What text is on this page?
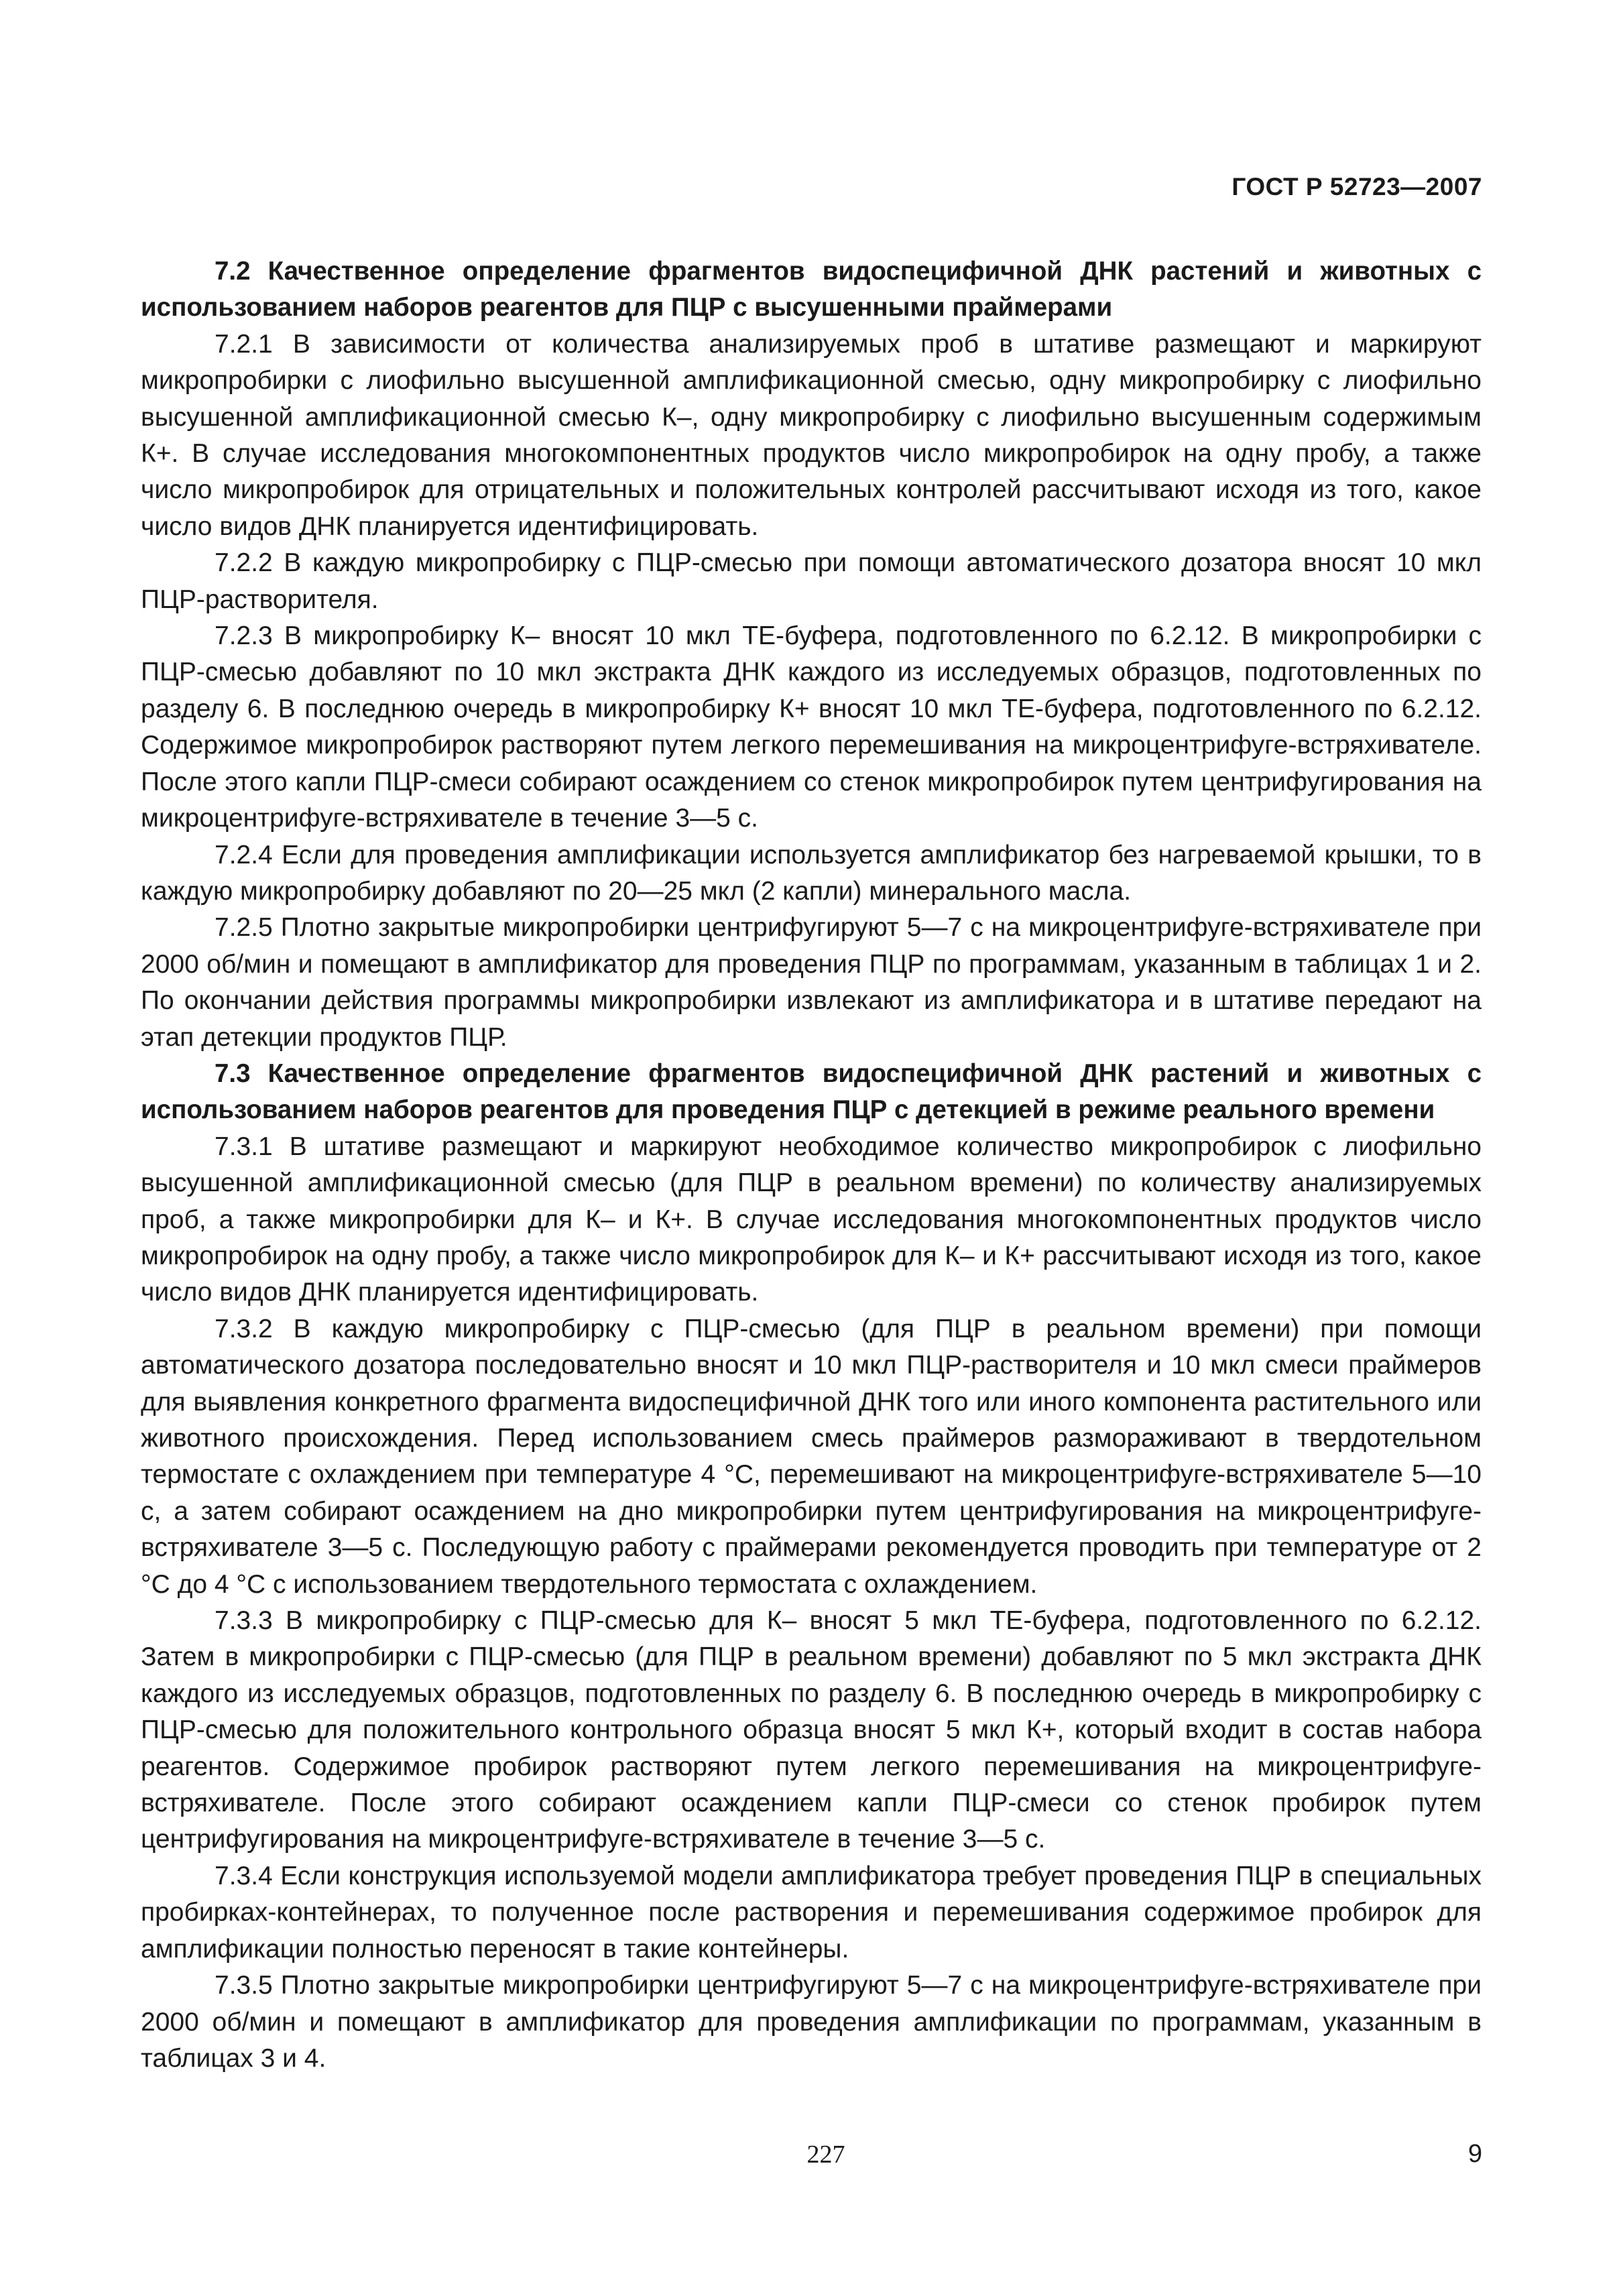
ГОСТ Р 52723—2007

7.2 Качественное определение фрагментов видоспецифичной ДНК растений и животных с использованием наборов реагентов для ПЦР с высушенными праймерами

7.2.1 В зависимости от количества анализируемых проб в штативе размещают и маркируют микропробирки с лиофильно высушенной амплификационной смесью, одну микропробирку с лиофильно высушенной амплификационной смесью К–, одну микропробирку с лиофильно высушенным содержимым К+. В случае исследования многокомпонентных продуктов число микропробирок на одну пробу, а также число микропробирок для отрицательных и положительных контролей рассчитывают исходя из того, какое число видов ДНК планируется идентифицировать.

7.2.2 В каждую микропробирку с ПЦР-смесью при помощи автоматического дозатора вносят 10 мкл ПЦР-растворителя.

7.2.3 В микропробирку К– вносят 10 мкл ТЕ-буфера, подготовленного по 6.2.12. В микропробирки с ПЦР-смесью добавляют по 10 мкл экстракта ДНК каждого из исследуемых образцов, подготовленных по разделу 6. В последнюю очередь в микропробирку К+ вносят 10 мкл ТЕ-буфера, подготовленного по 6.2.12. Содержимое микропробирок растворяют путем легкого перемешивания на микроцентрифуге-встряхивателе. После этого капли ПЦР-смеси собирают осаждением со стенок микропробирок путем центрифугирования на микроцентрифуге-встряхивателе в течение 3—5 с.

7.2.4 Если для проведения амплификации используется амплификатор без нагреваемой крышки, то в каждую микропробирку добавляют по 20—25 мкл (2 капли) минерального масла.

7.2.5 Плотно закрытые микропробирки центрифугируют 5—7 с на микроцентрифуге-встряхивателе при 2000 об/мин и помещают в амплификатор для проведения ПЦР по программам, указанным в таблицах 1 и 2. По окончании действия программы микропробирки извлекают из амплификатора и в штативе передают на этап детекции продуктов ПЦР.

7.3 Качественное определение фрагментов видоспецифичной ДНК растений и животных с использованием наборов реагентов для проведения ПЦР с детекцией в режиме реального времени

7.3.1 В штативе размещают и маркируют необходимое количество микропробирок с лиофильно высушенной амплификационной смесью (для ПЦР в реальном времени) по количеству анализируемых проб, а также микропробирки для К– и К+. В случае исследования многокомпонентных продуктов число микропробирок на одну пробу, а также число микропробирок для К– и К+ рассчитывают исходя из того, какое число видов ДНК планируется идентифицировать.

7.3.2 В каждую микропробирку с ПЦР-смесью (для ПЦР в реальном времени) при помощи автоматического дозатора последовательно вносят и 10 мкл ПЦР-растворителя и 10 мкл смеси праймеров для выявления конкретного фрагмента видоспецифичной ДНК того или иного компонента растительного или животного происхождения. Перед использованием смесь праймеров размораживают в твердотельном термостате с охлаждением при температуре 4 °С, перемешивают на микроцентрифуге-встряхивателе 5—10 с, а затем собирают осаждением на дно микропробирки путем центрифугирования на микроцентрифуге-встряхивателе 3—5 с. Последующую работу с праймерами рекомендуется проводить при температуре от 2 °С до 4 °С с использованием твердотельного термостата с охлаждением.

7.3.3 В микропробирку с ПЦР-смесью для К– вносят 5 мкл ТЕ-буфера, подготовленного по 6.2.12. Затем в микропробирки с ПЦР-смесью (для ПЦР в реальном времени) добавляют по 5 мкл экстракта ДНК каждого из исследуемых образцов, подготовленных по разделу 6. В последнюю очередь в микропробирку с ПЦР-смесью для положительного контрольного образца вносят 5 мкл К+, который входит в состав набора реагентов. Содержимое пробирок растворяют путем легкого перемешивания на микроцентрифуге-встряхивателе. После этого собирают осаждением капли ПЦР-смеси со стенок пробирок путем центрифугирования на микроцентрифуге-встряхивателе в течение 3—5 с.

7.3.4 Если конструкция используемой модели амплификатора требует проведения ПЦР в специальных пробирках-контейнерах, то полученное после растворения и перемешивания содержимое пробирок для амплификации полностью переносят в такие контейнеры.

7.3.5 Плотно закрытые микропробирки центрифугируют 5—7 с на микроцентрифуге-встряхивателе при 2000 об/мин и помещают в амплификатор для проведения амплификации по программам, указанным в таблицах 3 и 4.

227	9
